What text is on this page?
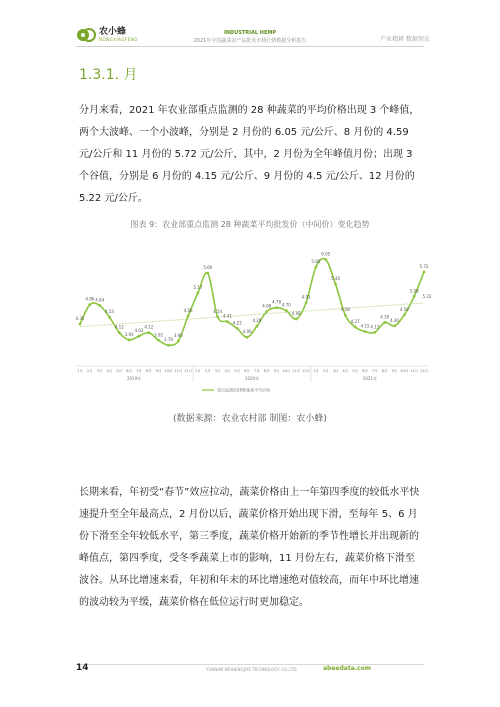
农小蜂
NONGXIAOFENG
INDUSTRIAL HEMP
2021年全国蔬菜农产品批发市场行情数据分析报告	产业精耕 数据智农
1.3.1. 月
分月来看，2021 年农业部重点监测的 28 种蔬菜的平均价格出现 3 个峰值，两个大波峰、一个小波峰，分别是 2 月份的 6.05 元/公斤、8 月份的 4.59 元/公斤和 11 月份的 5.72 元/公斤，其中，2 月份为全年峰值月份；出现 3 个谷值，分别是 6 月份的 4.15 元/公斤、9 月份的 4.5 元/公斤、12 月份的 5.22 元/公斤。
图表 9：农业部重点监测 28 种蔬菜平均批发价（中间价）变化趋势
4.35
4.86 4.84
4.53
4.12
3.93
4.03
4.12
3.92
3.79
3.90
4.56
5.17
5.69
4.54
4.41
4.23
4.00
4.29
4.68
4.78
4.70
4.48
4.91
5.85
6.05
5.40
4.58
4.27
4.15 4.13
4.39
4.30
4.59
5.08
5.72
5.22
1月 2月 3月 4月 5月 6月 7月 8月 9月 10月 11月 12月 1月 2月 3月 4月 5月 6月 7月 8月 9月 10月 11月 12月 1月 2月 3月 4月 5月 6月 7月 8月 9月 10月 11月 12月
2019年	2020年	2021年
重点监测的28种蔬菜平均价格
(数据来源：农业农村部 制图：农小蜂)
长期来看，年初受“春节”效应拉动，蔬菜价格由上一年第四季度的较低水平快速提升至全年最高点，2 月份以后，蔬菜价格开始出现下滑，至每年 5、6 月份下滑至全年较低水平，第三季度，蔬菜价格开始新的季节性增长并出现新的峰值点，第四季度，受冬季蔬菜上市的影响，11 月份左右，蔬菜价格下滑至波谷。从环比增速来看，年初和年末的环比增速绝对值较高，而年中环比增速的波动较为平缓，蔬菜价格在低位运行时更加稳定。
14	YUNNAN WEIHENGJIYE TECHNOLOGY CO.,LTD.	abeedata.com
